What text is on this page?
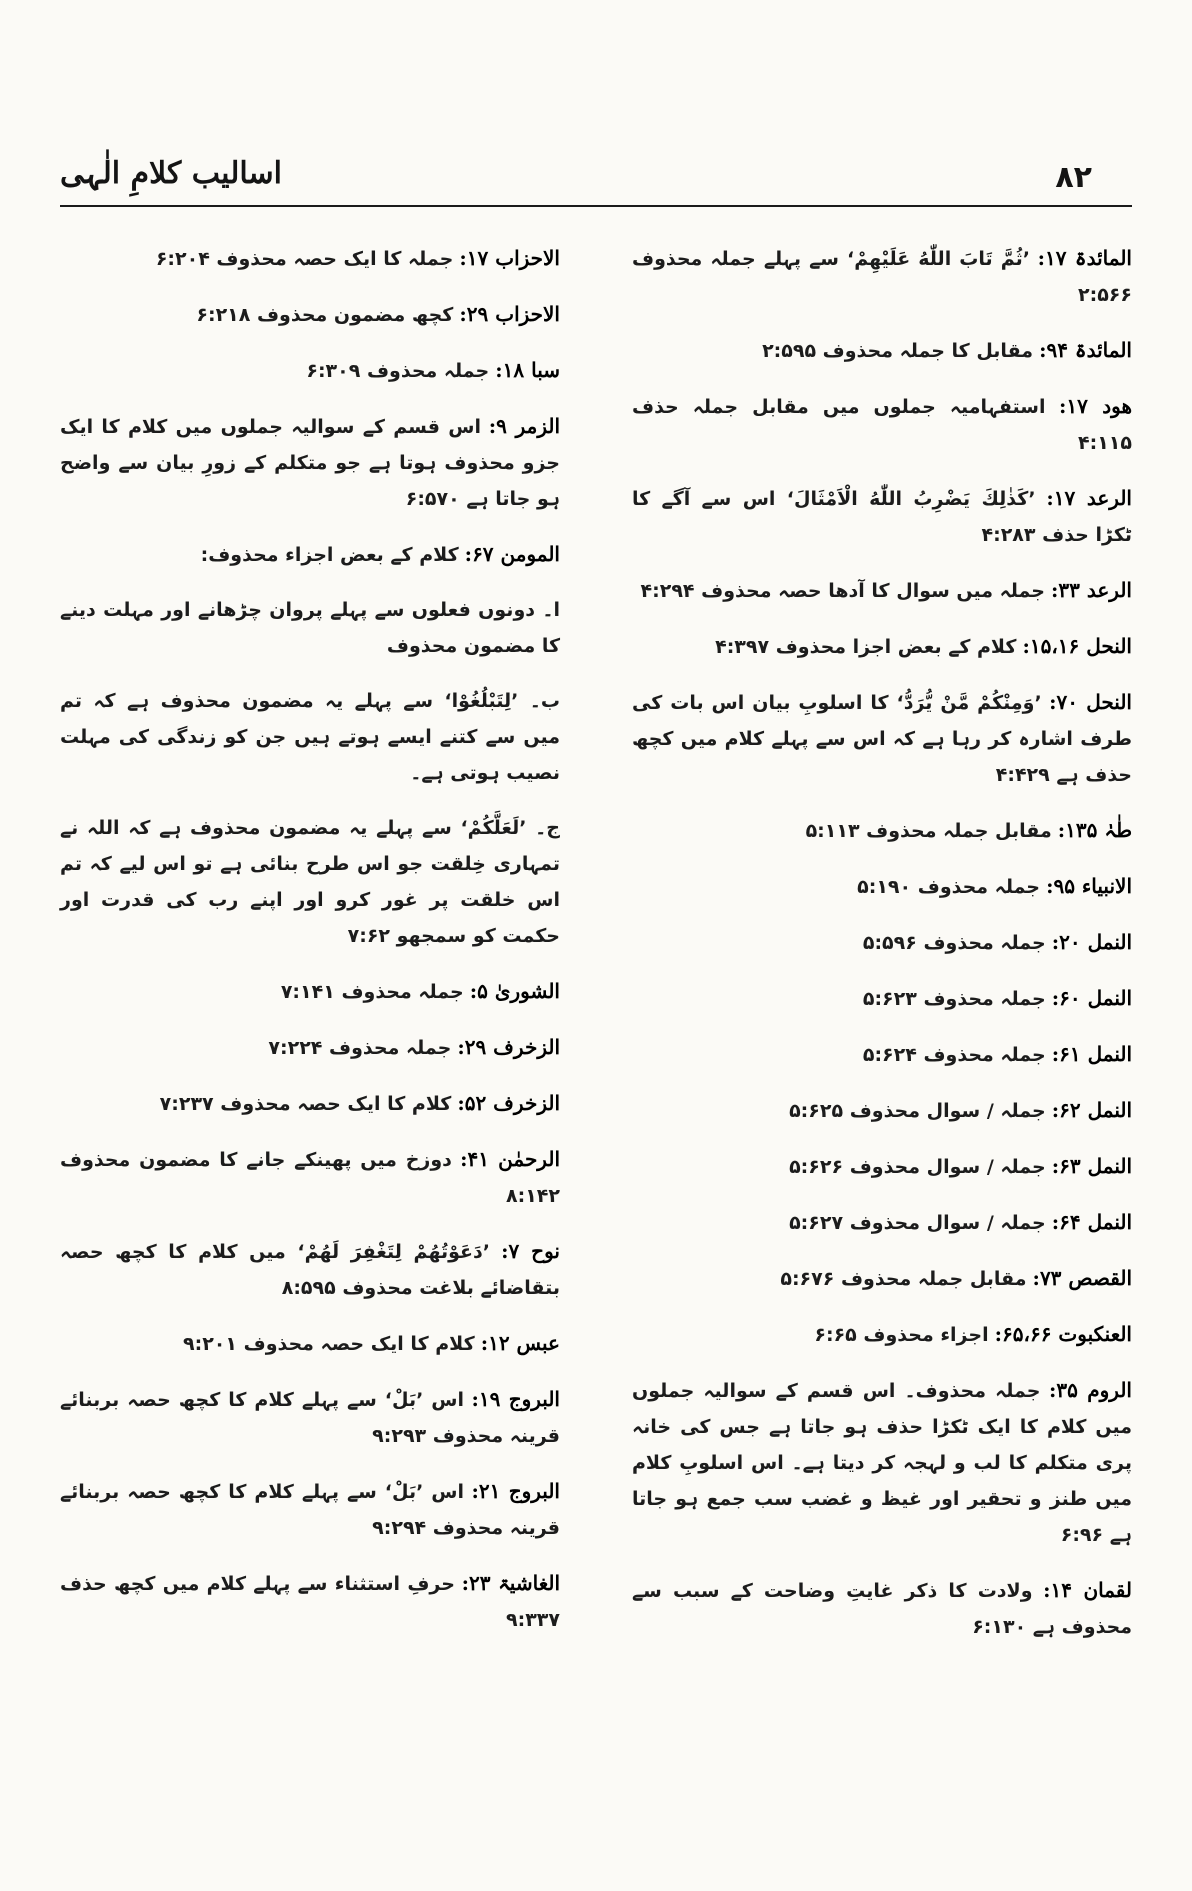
اسالیب کلامِ الٰہی	۸۲

المائدۃ ۱۷: ’ثُمَّ تَابَ اللّٰهُ عَلَيْهِمْ‘ سے پہلے جملہ محذوف ۲:۵۶۶

المائدۃ ۹۴: مقابل کا جملہ محذوف ۲:۵۹۵

هود ۱۷: استفہامیہ جملوں میں مقابل جملہ حذف ۴:۱۱۵

الرعد ۱۷: ’كَذٰلِكَ يَضْرِبُ اللّٰهُ الْاَمْثَالَ‘ اس سے آگے کا ٹکڑا حذف ۴:۲۸۳

الرعد ۳۳: جملہ میں سوال کا آدھا حصہ محذوف ۴:۲۹۴

النحل ۱۵،۱۶: کلام کے بعض اجزا محذوف ۴:۳۹۷

النحل ۷۰: ’وَمِنْكُمْ مَّنْ يُّرَدُّ‘ کا اسلوبِ بیان اس بات کی طرف اشارہ کر رہا ہے کہ اس سے پہلے کلام میں کچھ حذف ہے ۴:۴۲۹

طٰہٰ ۱۳۵: مقابل جملہ محذوف ۵:۱۱۳

الانبیاء ۹۵: جملہ محذوف ۵:۱۹۰

النمل ۲۰: جملہ محذوف ۵:۵۹۶

النمل ۶۰: جملہ محذوف ۵:۶۲۳

النمل ۶۱: جملہ محذوف ۵:۶۲۴

النمل ۶۲: جملہ / سوال محذوف ۵:۶۲۵

النمل ۶۳: جملہ / سوال محذوف ۵:۶۲۶

النمل ۶۴: جملہ / سوال محذوف ۵:۶۲۷

القصص ۷۳: مقابل جملہ محذوف ۵:۶۷۶

العنکبوت ۶۵،۶۶: اجزاء محذوف ۶:۶۵

الروم ۳۵: جملہ محذوف۔ اس قسم کے سوالیہ جملوں میں کلام کا ایک ٹکڑا حذف ہو جاتا ہے جس کی خانہ پری متکلم کا لب و لہجہ کر دیتا ہے۔ اس اسلوبِ کلام میں طنز و تحقیر اور غیظ و غضب سب جمع ہو جاتا ہے ۶:۹۶

لقمان ۱۴: ولادت کا ذکر غایتِ وضاحت کے سبب سے محذوف ہے ۶:۱۳۰

الاحزاب ۱۷: جملہ کا ایک حصہ محذوف ۶:۲۰۴

الاحزاب ۲۹: کچھ مضمون محذوف ۶:۲۱۸

سبا ۱۸: جملہ محذوف ۶:۳۰۹

الزمر ۹: اس قسم کے سوالیہ جملوں میں کلام کا ایک جزو محذوف ہوتا ہے جو متکلم کے زورِ بیان سے واضح ہو جاتا ہے ۶:۵۷۰

المومن ۶۷: کلام کے بعض اجزاء محذوف:

ا۔ دونوں فعلوں سے پہلے پروان چڑھانے اور مہلت دینے کا مضمون محذوف

ب۔ ’لِتَبْلُغُوْا‘ سے پہلے یہ مضمون محذوف ہے کہ تم میں سے کتنے ایسے ہوتے ہیں جن کو زندگی کی مہلت نصیب ہوتی ہے۔

ج۔ ’لَعَلَّكُمْ‘ سے پہلے یہ مضمون محذوف ہے کہ اللہ نے تمہاری خِلقت جو اس طرح بنائی ہے تو اس لیے کہ تم اس خلقت پر غور کرو اور اپنے رب کی قدرت اور حکمت کو سمجھو ۷:۶۲

الشوریٰ ۵: جملہ محذوف ۷:۱۴۱

الزخرف ۲۹: جملہ محذوف ۷:۲۲۴

الزخرف ۵۲: کلام کا ایک حصہ محذوف ۷:۲۳۷

الرحمٰن ۴۱: دوزخ میں پھینکے جانے کا مضمون محذوف ۸:۱۴۲

نوح ۷: ’دَعَوْتُهُمْ لِتَغْفِرَ لَهُمْ‘ میں کلام کا کچھ حصہ بتقاضائے بلاغت محذوف ۸:۵۹۵

عبس ۱۲: کلام کا ایک حصہ محذوف ۹:۲۰۱

البروج ۱۹: اس ’بَلْ‘ سے پہلے کلام کا کچھ حصہ بربنائے قرینہ محذوف ۹:۲۹۳

البروج ۲۱: اس ’بَلْ‘ سے پہلے کلام کا کچھ حصہ بربنائے قرینہ محذوف ۹:۲۹۴

الغاشیۃ ۲۳: حرفِ استثناء سے پہلے کلام میں کچھ حذف ۹:۳۳۷
